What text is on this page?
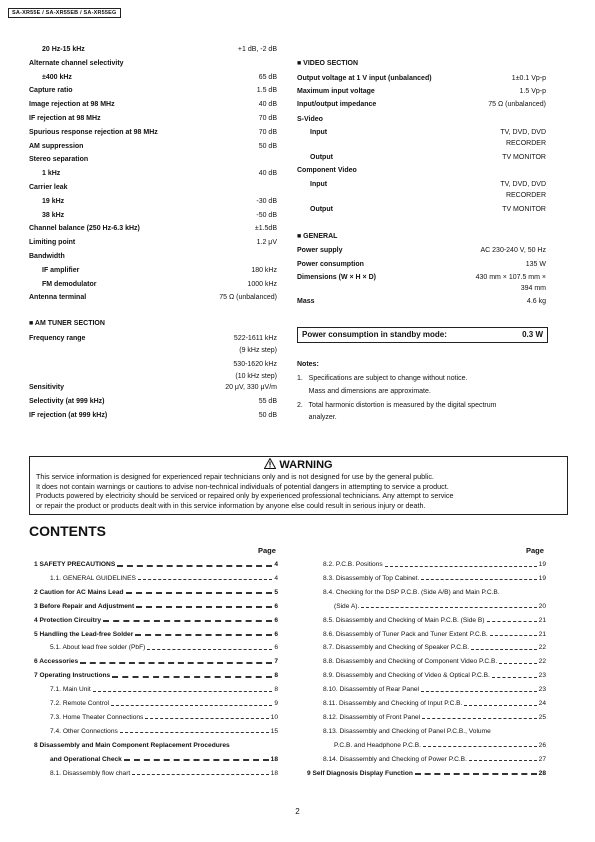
SA-XR55E / SA-XR55EB / SA-XR55EG
20 Hz-15 kHz	+1 dB, -2 dB
Alternate channel selectivity
±400 kHz	65 dB
Capture ratio	1.5 dB
Image rejection at 98 MHz	40 dB
IF rejection at 98 MHz	70 dB
Spurious response rejection at 98 MHz	70 dB
AM suppression	50 dB
Stereo separation
1 kHz	40 dB
Carrier leak
19 kHz	-30 dB
38 kHz	-50 dB
Channel balance (250 Hz-6.3 kHz)	±1.5dB
Limiting point	1.2 μV
Bandwidth
IF amplifier	180 kHz
FM demodulator	1000 kHz
Antenna terminal	75 Ω (unbalanced)
■ AM TUNER SECTION
Frequency range	522-1611 kHz
(9 kHz step)
530-1620 kHz
(10 kHz step)
Sensitivity	20 μV, 330 μV/m
Selectivity (at 999 kHz)	55 dB
IF rejection (at 999 kHz)	50 dB
■ VIDEO SECTION
Output voltage at 1 V input (unbalanced)	1±0.1 Vp-p
Maximum input voltage	1.5 Vp-p
Input/output impedance	75 Ω (unbalanced)
S-Video
Input	TV, DVD, DVD
RECORDER
Output	TV MONITOR
Component Video
Input	TV, DVD, DVD
RECORDER
Output	TV MONITOR
■ GENERAL
Power supply	AC 230-240 V, 50 Hz
Power consumption	135 W
Dimensions (W × H × D)	430 mm × 107.5 mm ×
394 mm
Mass	4.6 kg
Power consumption in standby mode:	0.3 W
Notes:
1.   Specifications are subject to change without notice.
Mass and dimensions are approximate.
2.   Total harmonic distortion is measured by the digital spectrum
analyzer.
WARNING
This service information is designed for experienced repair technicians only and is not designed for use by the general public.
It does not contain warnings or cautions to advise non-technical individuals of potential dangers in attempting to service a product.
Products powered by electricity should be serviced or repaired only by experienced professional technicians. Any attempt to service
or repair the product or products dealt with in this service information by anyone else could result in serious injury or death.
CONTENTS
Page	Page
1 SAFETY PRECAUTIONS	4
1.1. GENERAL GUIDELINES	4
2 Caution for AC Mains Lead	5
3 Before Repair and Adjustment	6
4 Protection Circuitry	6
5 Handling the Lead-free Solder	6
5.1. About lead free solder (PbF)	6
6 Accessories	7
7 Operating Instructions	8
7.1. Main Unit	8
7.2. Remote Control	9
7.3. Home Theater Connections	10
7.4. Other Connections	15
8 Disassembly and Main Component Replacement Procedures
and Operational Check	18
8.1. Disassembly flow chart	18
8.2. P.C.B. Positions	19
8.3. Disassembly of Top Cabinet.	19
8.4. Checking for the DSP P.C.B. (Side A/B) and Main P.C.B.
(Side A).	20
8.5. Disassembly and Checking of Main P.C.B. (Side B)	21
8.6. Disassembly of Tuner Pack and Tuner Extent P.C.B.	21
8.7. Disassembly and Checking of Speaker P.C.B.	22
8.8. Disassembly and Checking of Component Video P.C.B.	22
8.9. Disassembly and Checking of Video & Optical P.C.B.	23
8.10. Disassembly of Rear Panel	23
8.11. Disassembly and Checking of Input P.C.B.	24
8.12. Disassembly of Front Panel	25
8.13. Disassembly and Checking of Panel P.C.B., Volume
P.C.B. and Headphone P.C.B.	26
8.14. Disassembly and Checking of Power P.C.B.	27
9 Self Diagnosis Display Function	28
2
